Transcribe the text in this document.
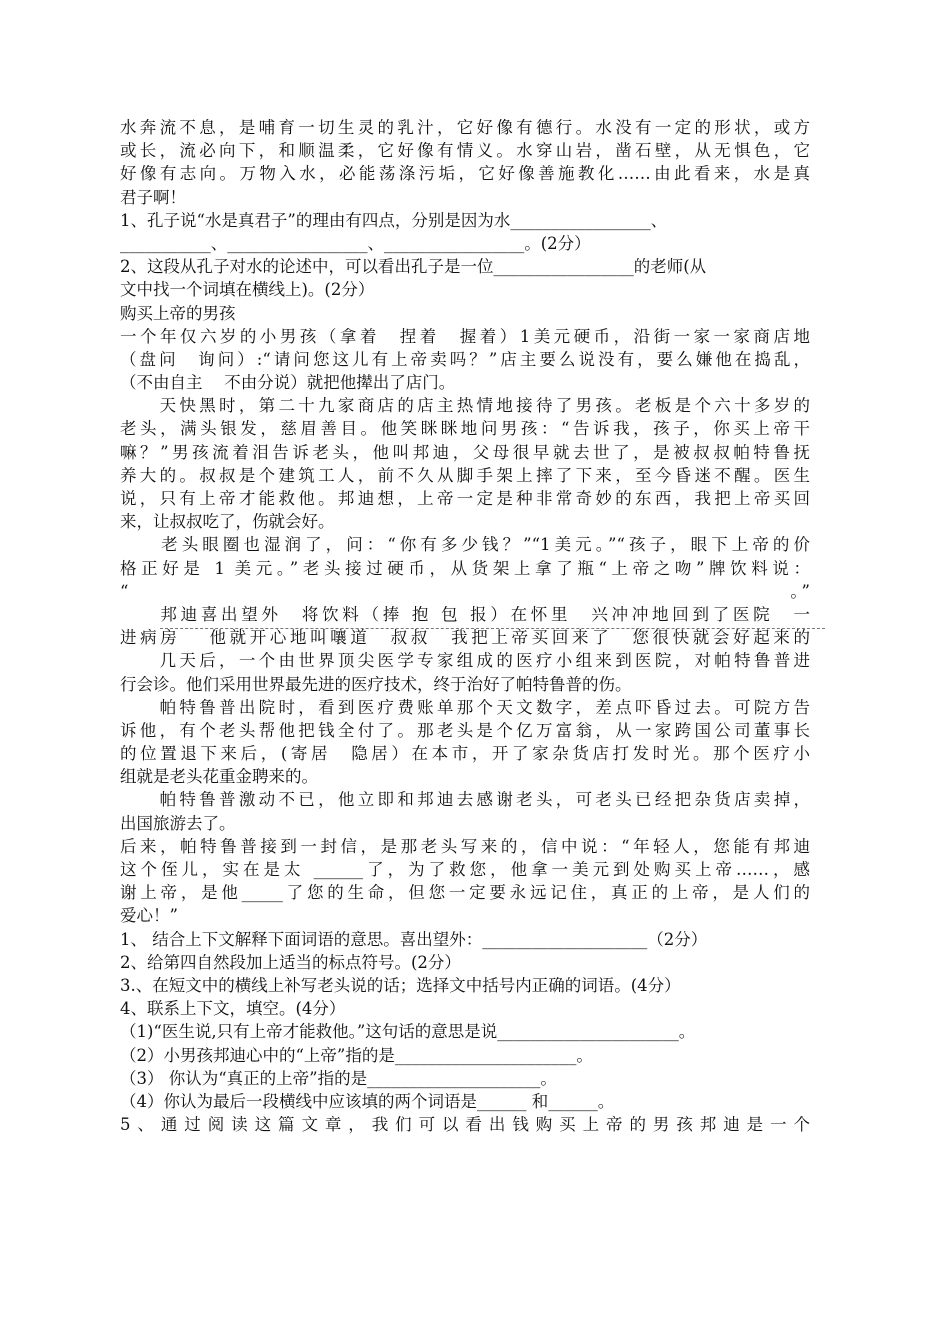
水奔流不息，是哺育一切生灵的乳汁，它好像有德行。水没有一定的形状，或方
或长，流必向下，和顺温柔，它好像有情义。水穿山岩，凿石壁，从无惧色，它
好像有志向。万物入水，必能荡涤污垢，它好像善施教化……由此看来，水是真
君子啊！
1、孔子说“水是真君子”的理由有四点，分别是因为水_________________、
___________、_________________、_________________。(2分）
2、这段从孔子对水的论述中，可以看出孔子是一位_________________的老师(从
文中找一个词填在横线上)。(2分）
购买上帝的男孩
一个年仅六岁的小男孩（拿着　捏着　握着）1美元硬币，沿街一家一家商店地
（盘问　询问）:“请问您这儿有上帝卖吗？”店主要么说没有，要么嫌他在捣乱，
（不由自主　 不由分说）就把他撵出了店门。
　　天快黑时，第二十九家商店的店主热情地接待了男孩。老板是个六十多岁的
老头，满头银发，慈眉善目。他笑眯眯地问男孩：“告诉我，孩子，你买上帝干
嘛？”男孩流着泪告诉老头，他叫邦迪，父母很早就去世了，是被叔叔帕特鲁抚
养大的。叔叔是个建筑工人，前不久从脚手架上摔了下来，至今昏迷不醒。医生
说，只有上帝才能救他。邦迪想，上帝一定是种非常奇妙的东西，我把上帝买回
来，让叔叔吃了，伤就会好。
　　老头眼圈也湿润了，问：“你有多少钱？”“1美元。”“孩子，眼下上帝的价
格正好是 1 美元。”老头接过硬币，从货架上拿了瓶“上帝之吻”牌饮料说：
“　　　　　　　　　　　　　　　　　　　　　　　　　　　　　　　　　　。”
　　邦迪喜出望外　将饮料（捧 抱 包 报）在怀里　兴冲冲地回到了医院　一
进病房　 他就开心地叫嚷道　叔叔　我把上帝买回来了　您很快就会好起来的
　　几天后，一个由世界顶尖医学专家组成的医疗小组来到医院，对帕特鲁普进
行会诊。他们采用世界最先进的医疗技术，终于治好了帕特鲁普的伤。
　　帕特鲁普出院时，看到医疗费账单那个天文数字，差点吓昏过去。可院方告
诉他，有个老头帮他把钱全付了。那老头是个亿万富翁，从一家跨国公司董事长
的位置退下来后，(寄居　隐居）在本市，开了家杂货店打发时光。那个医疗小
组就是老头花重金聘来的。
　　帕特鲁普激动不已，他立即和邦迪去感谢老头，可老头已经把杂货店卖掉，
出国旅游去了。
后来，帕特鲁普接到一封信，是那老头写来的，信中说：“年轻人，您能有邦迪
这个侄儿，实在是太 ______了，为了救您，他拿一美元到处购买上帝……，感
谢上帝，是他_____了您的生命，但您一定要永远记住，真正的上帝，是人们的
爱心！”
1、 结合上下文解释下面词语的意思。喜出望外：____________________（2分）
2、给第四自然段加上适当的标点符号。(2分）
3.、在短文中的横线上补写老头说的话；选择文中括号内正确的词语。(4分）
4、联系上下文，填空。(4分）
（1)“医生说,只有上帝才能救他。”这句话的意思是说______________________。
（2）小男孩邦迪心中的“上帝”指的是______________________。
（3） 你认为“真正的上帝”指的是_____________________。
（4）你认为最后一段横线中应该填的两个词语是______ 和______。
5、通过阅读这篇文章，我们可以看出钱购买上帝的男孩邦迪是一个
